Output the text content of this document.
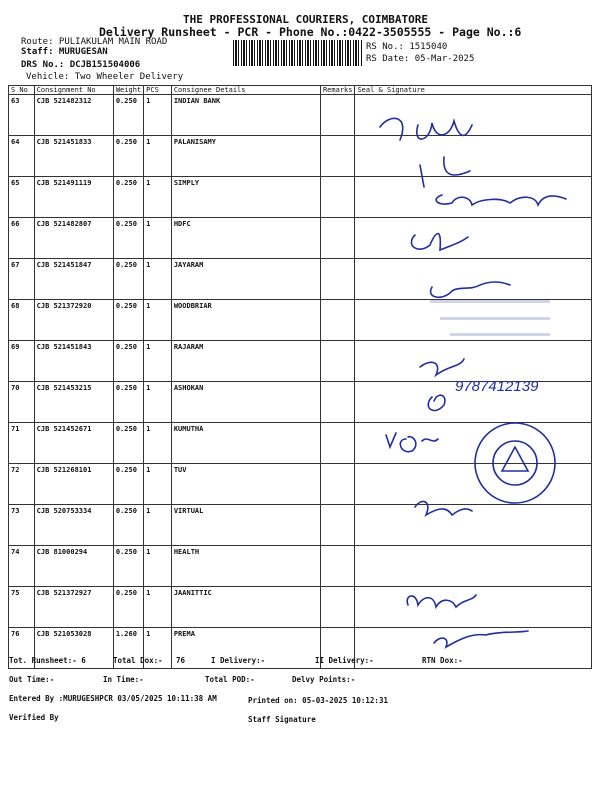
THE PROFESSIONAL COURIERS, COIMBATORE
Delivery Runsheet - PCR - Phone No.:0422-3505555 - Page No.:6
Route: PULIAKULAM MAIN ROAD
Staff: MURUGESAN
DRS No.: DCJB151504006
Vehicle: Two Wheeler Delivery
RS No.: 1515040
RS Date: 05-Mar-2025
S No	Consignment No	Weight	PCS	Consignee Details	Remarks	Seal & Signature
63	CJB 521482312	0.250	1	INDIAN BANK		
64	CJB 521451833	0.250	1	PALANISAMY		
65	CJB 521491119	0.250	1	SIMPLY		
66	CJB 521482807	0.250	1	HDFC		
67	CJB 521451847	0.250	1	JAYARAM		
68	CJB 521372920	0.250	1	WOODBRIAR		
69	CJB 521451843	0.250	1	RAJARAM		
70	CJB 521453215	0.250	1	ASHOKAN		
71	CJB 521452671	0.250	1	KUMUTHA		
72	CJB 521268101	0.250	1	TUV		
73	CJB 520753334	0.250	1	VIRTUAL		
74	CJB 81000294	0.250	1	HEALTH		
75	CJB 521372927	0.250	1	JAANITTIC		
76	CJB 521053028	1.260	1	PREMA		
9787412139
Tot. Runsheet:- 6	Total Dox:- 76	I Delivery:-	II Delivery:-	RTN Dox:-
Out Time:-	In Time:-	Total POD:-	Delvy Points:-
Entered By :MURUGESHPCR 03/05/2025 10:11:38 AM	Printed on: 05-03-2025 10:12:31
Verified By	Staff Signature
